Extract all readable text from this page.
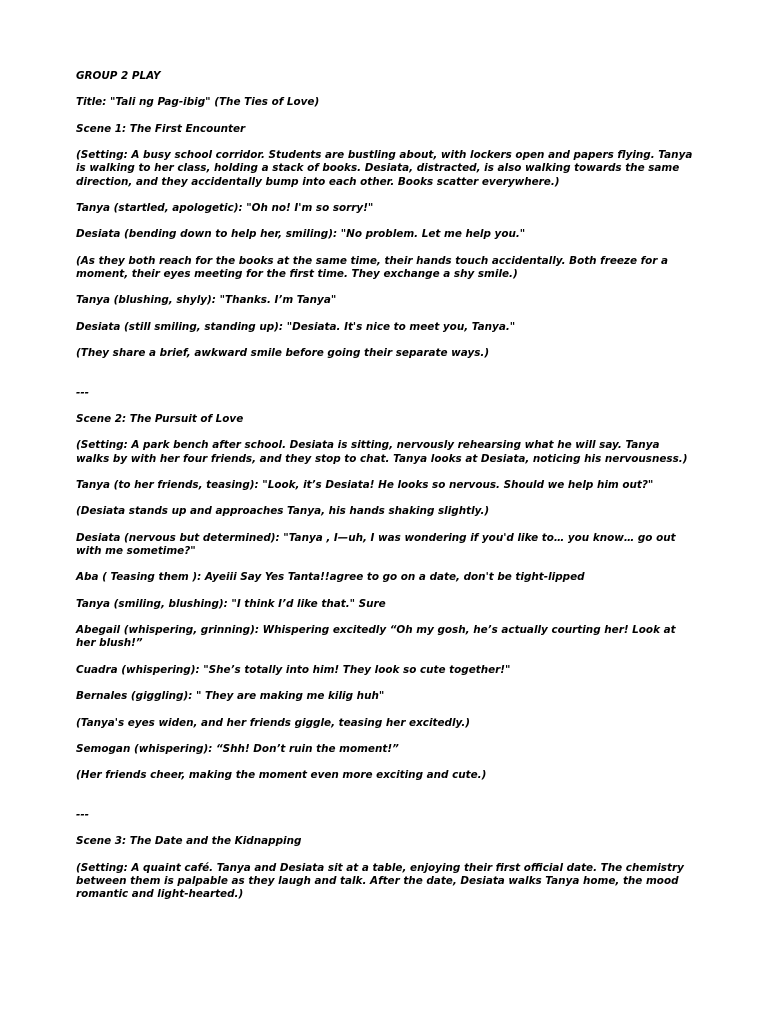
GROUP 2 PLAY

Title: "Tali ng Pag-ibig" (The Ties of Love)

Scene 1: The First Encounter

(Setting: A busy school corridor. Students are bustling about, with lockers open and papers flying. Tanya is walking to her class, holding a stack of books. Desiata, distracted, is also walking towards the same direction, and they accidentally bump into each other. Books scatter everywhere.)

Tanya (startled, apologetic): "Oh no! I'm so sorry!"

Desiata (bending down to help her, smiling): "No problem. Let me help you."

(As they both reach for the books at the same time, their hands touch accidentally. Both freeze for a moment, their eyes meeting for the first time. They exchange a shy smile.)

Tanya (blushing, shyly): "Thanks. I’m Tanya"

Desiata (still smiling, standing up): "Desiata. It's nice to meet you, Tanya."

(They share a brief, awkward smile before going their separate ways.)

---

Scene 2: The Pursuit of Love

(Setting: A park bench after school. Desiata is sitting, nervously rehearsing what he will say. Tanya walks by with her four friends, and they stop to chat. Tanya looks at Desiata, noticing his nervousness.)

Tanya (to her friends, teasing): "Look, it’s Desiata! He looks so nervous. Should we help him out?"

(Desiata stands up and approaches Tanya, his hands shaking slightly.)

Desiata (nervous but determined): "Tanya , I—uh, I was wondering if you'd like to… you know… go out with me sometime?"

Aba ( Teasing them ): Ayeiii Say Yes Tanta!!agree to go on a date, don't be tight-lipped

Tanya (smiling, blushing): "I think I’d like that." Sure

Abegail (whispering, grinning): Whispering excitedly “Oh my gosh, he’s actually courting her! Look at her blush!”

Cuadra (whispering): "She’s totally into him! They look so cute together!"

Bernales (giggling): " They are making me kilig huh"

(Tanya's eyes widen, and her friends giggle, teasing her excitedly.)

Semogan (whispering): “Shh! Don’t ruin the moment!”

(Her friends cheer, making the moment even more exciting and cute.)

---

Scene 3: The Date and the Kidnapping

(Setting: A quaint café. Tanya and Desiata sit at a table, enjoying their first official date. The chemistry between them is palpable as they laugh and talk. After the date, Desiata walks Tanya home, the mood romantic and light-hearted.)
